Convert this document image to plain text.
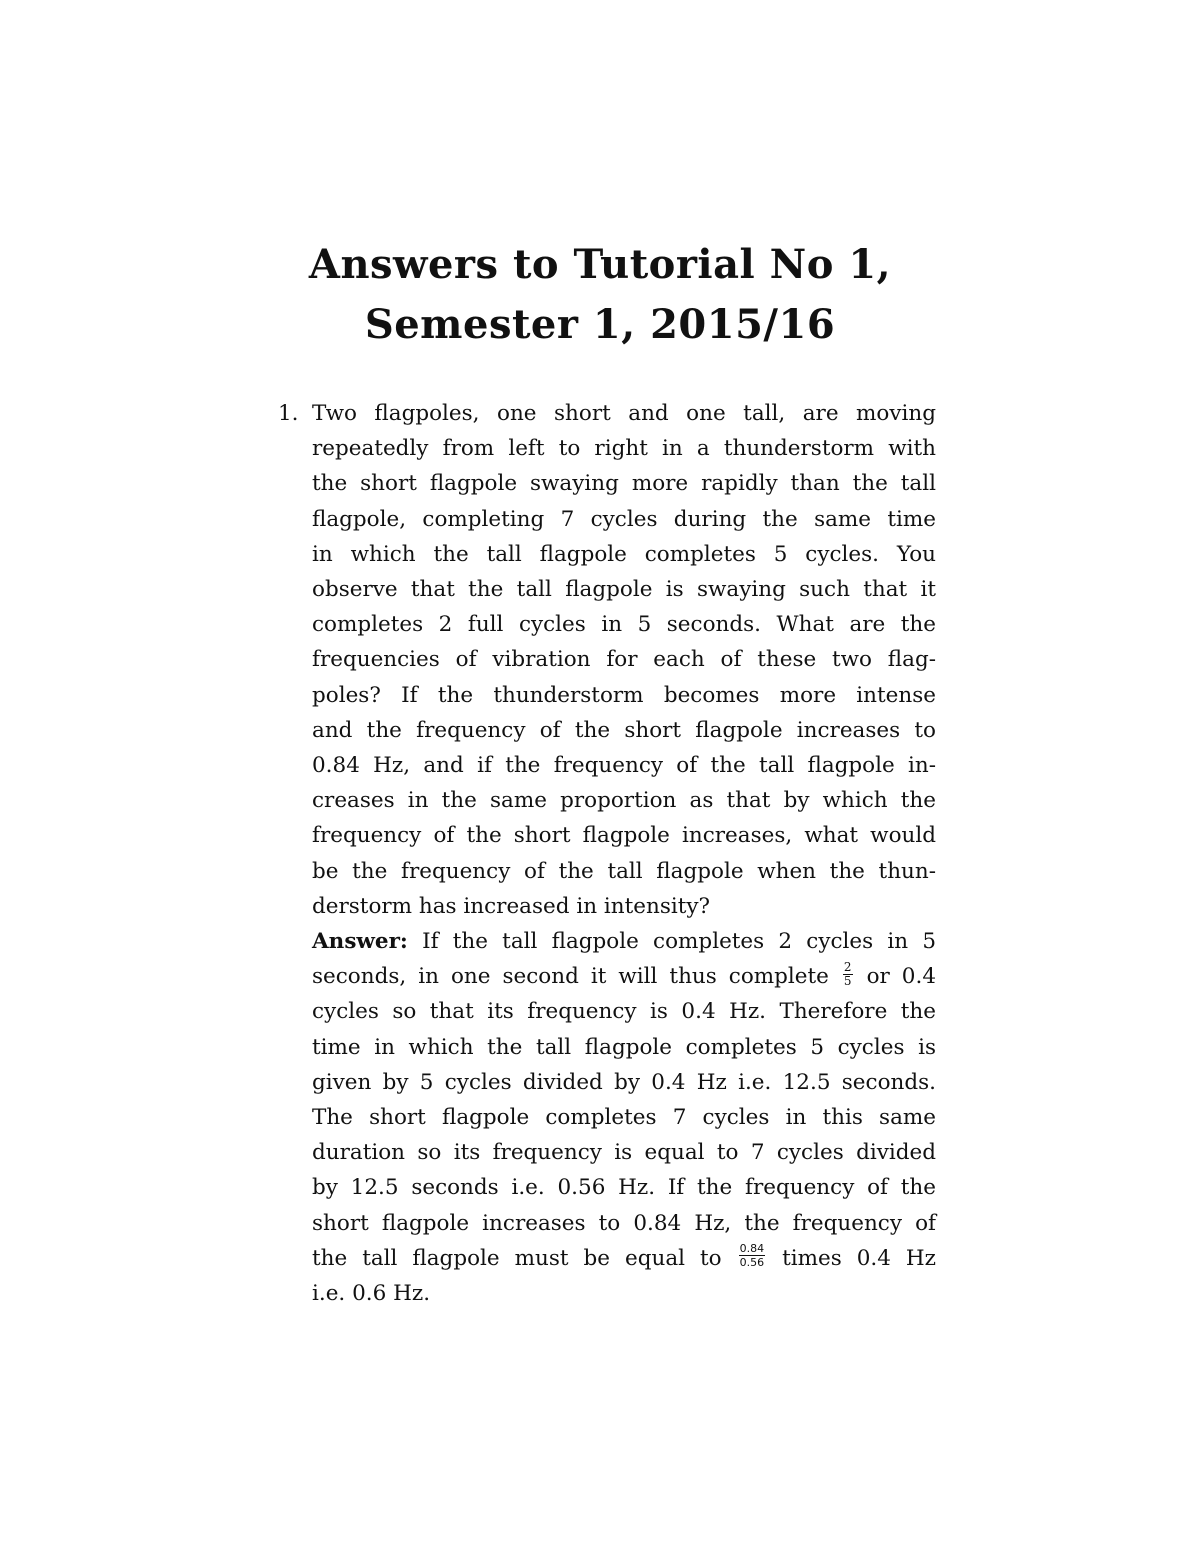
Answers to Tutorial No 1,
Semester 1, 2015/16
1. Two flagpoles, one short and one tall, are moving
repeatedly from left to right in a thunderstorm with
the short flagpole swaying more rapidly than the tall
flagpole, completing 7 cycles during the same time
in which the tall flagpole completes 5 cycles. You
observe that the tall flagpole is swaying such that it
completes 2 full cycles in 5 seconds. What are the
frequencies of vibration for each of these two flag-
poles? If the thunderstorm becomes more intense
and the frequency of the short flagpole increases to
0.84 Hz, and if the frequency of the tall flagpole in-
creases in the same proportion as that by which the
frequency of the short flagpole increases, what would
be the frequency of the tall flagpole when the thun-
derstorm has increased in intensity?
Answer: If the tall flagpole completes 2 cycles in 5
seconds, in one second it will thus complete $\frac{2}{5}$ or 0.4
cycles so that its frequency is 0.4 Hz. Therefore the
time in which the tall flagpole completes 5 cycles is
given by 5 cycles divided by 0.4 Hz i.e. 12.5 seconds.
The short flagpole completes 7 cycles in this same
duration so its frequency is equal to 7 cycles divided
by 12.5 seconds i.e. 0.56 Hz. If the frequency of the
short flagpole increases to 0.84 Hz, the frequency of
the tall flagpole must be equal to $\frac{0.84}{0.56}$ times 0.4 Hz
i.e. 0.6 Hz.
